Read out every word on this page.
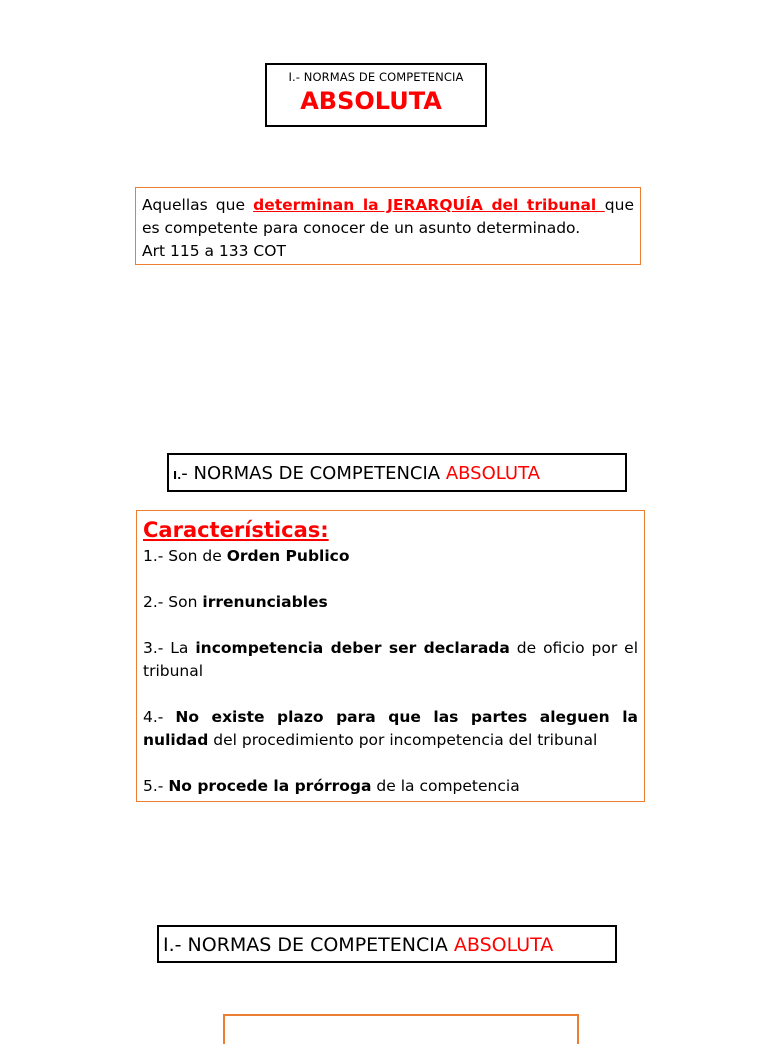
I.- NORMAS DE COMPETENCIA
ABSOLUTA
Aquellas que determinan la JERARQUÍA del tribunal que es competente para conocer de un asunto determinado.
Art 115 a 133 COT
I.- NORMAS DE COMPETENCIA ABSOLUTA
Características:
1.- Son de Orden Publico
2.- Son irrenunciables
3.- La incompetencia deber ser declarada de oficio por el tribunal
4.- No existe plazo para que las partes aleguen la nulidad del procedimiento por incompetencia del tribunal
5.- No procede la prórroga de la competencia
I.- NORMAS DE COMPETENCIA ABSOLUTA
